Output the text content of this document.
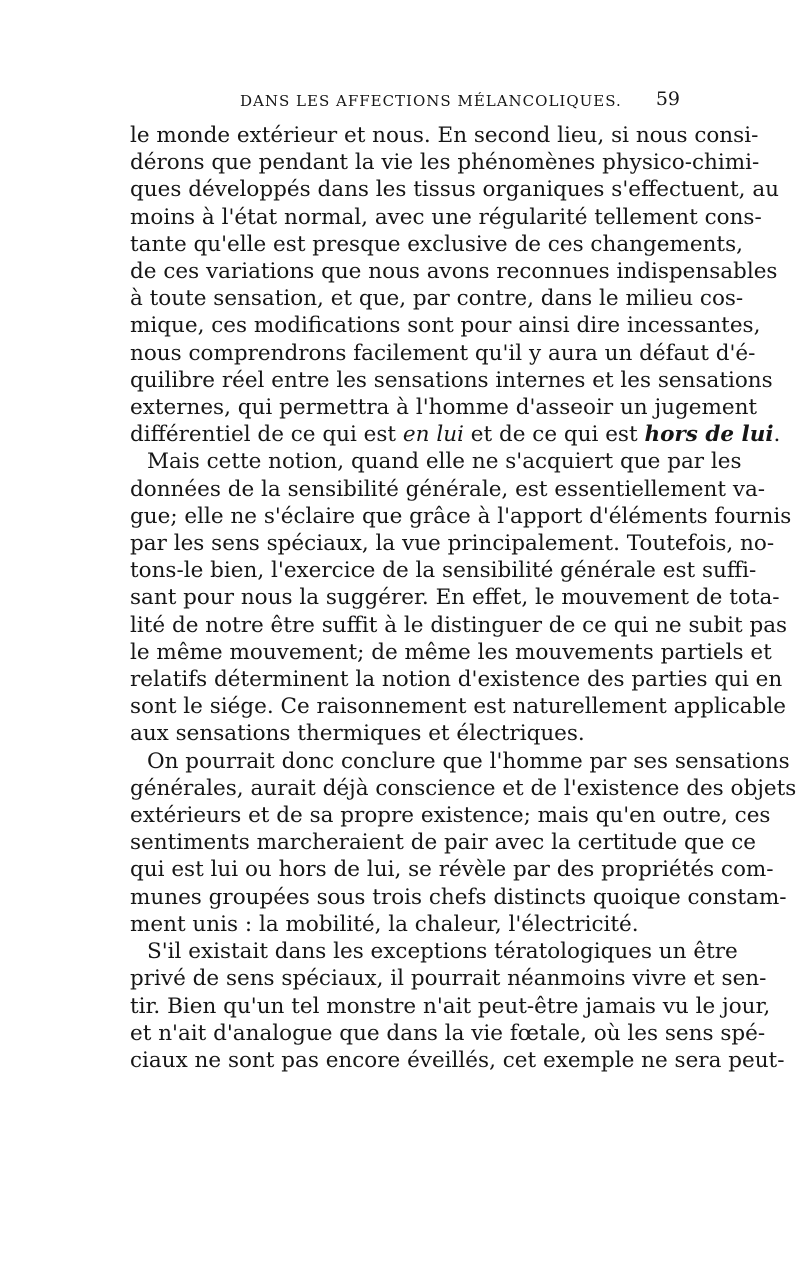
DANS LES AFFECTIONS MÉLANCOLIQUES. 59
le monde extérieur et nous. En second lieu, si nous consi-
dérons que pendant la vie les phénomènes physico-chimi-
ques développés dans les tissus organiques s'effectuent, au
moins à l'état normal, avec une régularité tellement cons-
tante qu'elle est presque exclusive de ces changements,
de ces variations que nous avons reconnues indispensables
à toute sensation, et que, par contre, dans le milieu cos-
mique, ces modifications sont pour ainsi dire incessantes,
nous comprendrons facilement qu'il y aura un défaut d'é-
quilibre réel entre les sensations internes et les sensations
externes, qui permettra à l'homme d'asseoir un jugement
différentiel de ce qui est en lui et de ce qui est hors de lui.
Mais cette notion, quand elle ne s'acquiert que par les
données de la sensibilité générale, est essentiellement va-
gue; elle ne s'éclaire que grâce à l'apport d'éléments fournis
par les sens spéciaux, la vue principalement. Toutefois, no-
tons-le bien, l'exercice de la sensibilité générale est suffi-
sant pour nous la suggérer. En effet, le mouvement de tota-
lité de notre être suffit à le distinguer de ce qui ne subit pas
le même mouvement; de même les mouvements partiels et
relatifs déterminent la notion d'existence des parties qui en
sont le siége. Ce raisonnement est naturellement applicable
aux sensations thermiques et électriques.
On pourrait donc conclure que l'homme par ses sensations
générales, aurait déjà conscience et de l'existence des objets
extérieurs et de sa propre existence; mais qu'en outre, ces
sentiments marcheraient de pair avec la certitude que ce
qui est lui ou hors de lui, se révèle par des propriétés com-
munes groupées sous trois chefs distincts quoique constam-
ment unis : la mobilité, la chaleur, l'électricité.
S'il existait dans les exceptions tératologiques un être
privé de sens spéciaux, il pourrait néanmoins vivre et sen-
tir. Bien qu'un tel monstre n'ait peut-être jamais vu le jour,
et n'ait d'analogue que dans la vie fœtale, où les sens spé-
ciaux ne sont pas encore éveillés, cet exemple ne sera peut-
